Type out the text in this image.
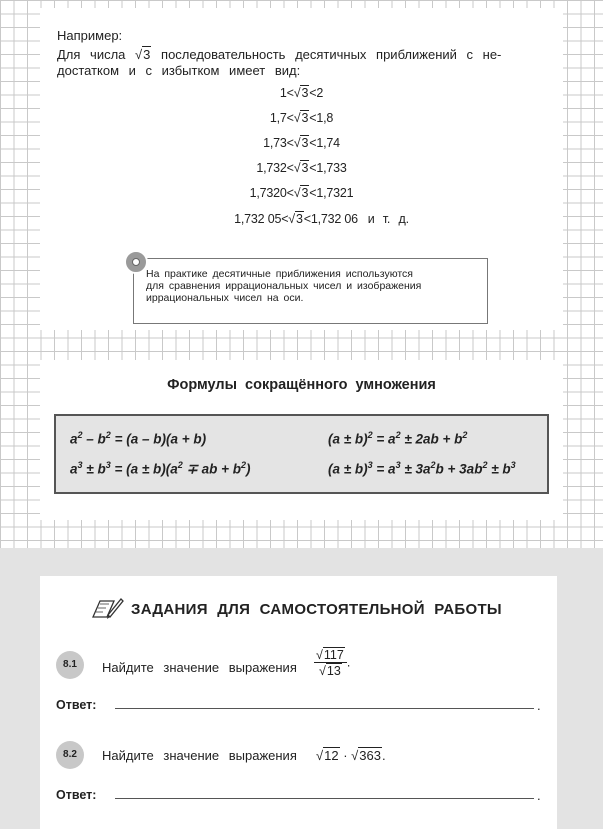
Например:
Для числа √3 последовательность десятичных приближений с не-
достатком и с избытком имеет вид:
1<√3<2
1,7<√3<1,8
1,73<√3<1,74
1,732<√3<1,733
1,7320<√3<1,7321
1,732 05<√3<1,732 06 и т. д.
На практике десятичные приближения используются
для сравнения иррациональных чисел и изображения
иррациональных чисел на оси.
Формулы сокращённого умножения
$a^2 - b^2 = (a - b)(a + b)$	$(a \pm b)^2 = a^2 \pm 2ab + b^2$
$a^3 \pm b^3 = (a \pm b)(a^2$ ∓ ab + $b^2$)	$(a \pm b)^3 = a^3 \pm 3a^2b + 3ab^2 \pm b^3$
ЗАДАНИЯ ДЛЯ САМОСТОЯТЕЛЬНОЙ РАБОТЫ
8.1	Найдите значение выражения $\frac{√117}{√13}$ .
Ответ:	.
8.2	Найдите значение выражения √12 · √363.
Ответ:	.
